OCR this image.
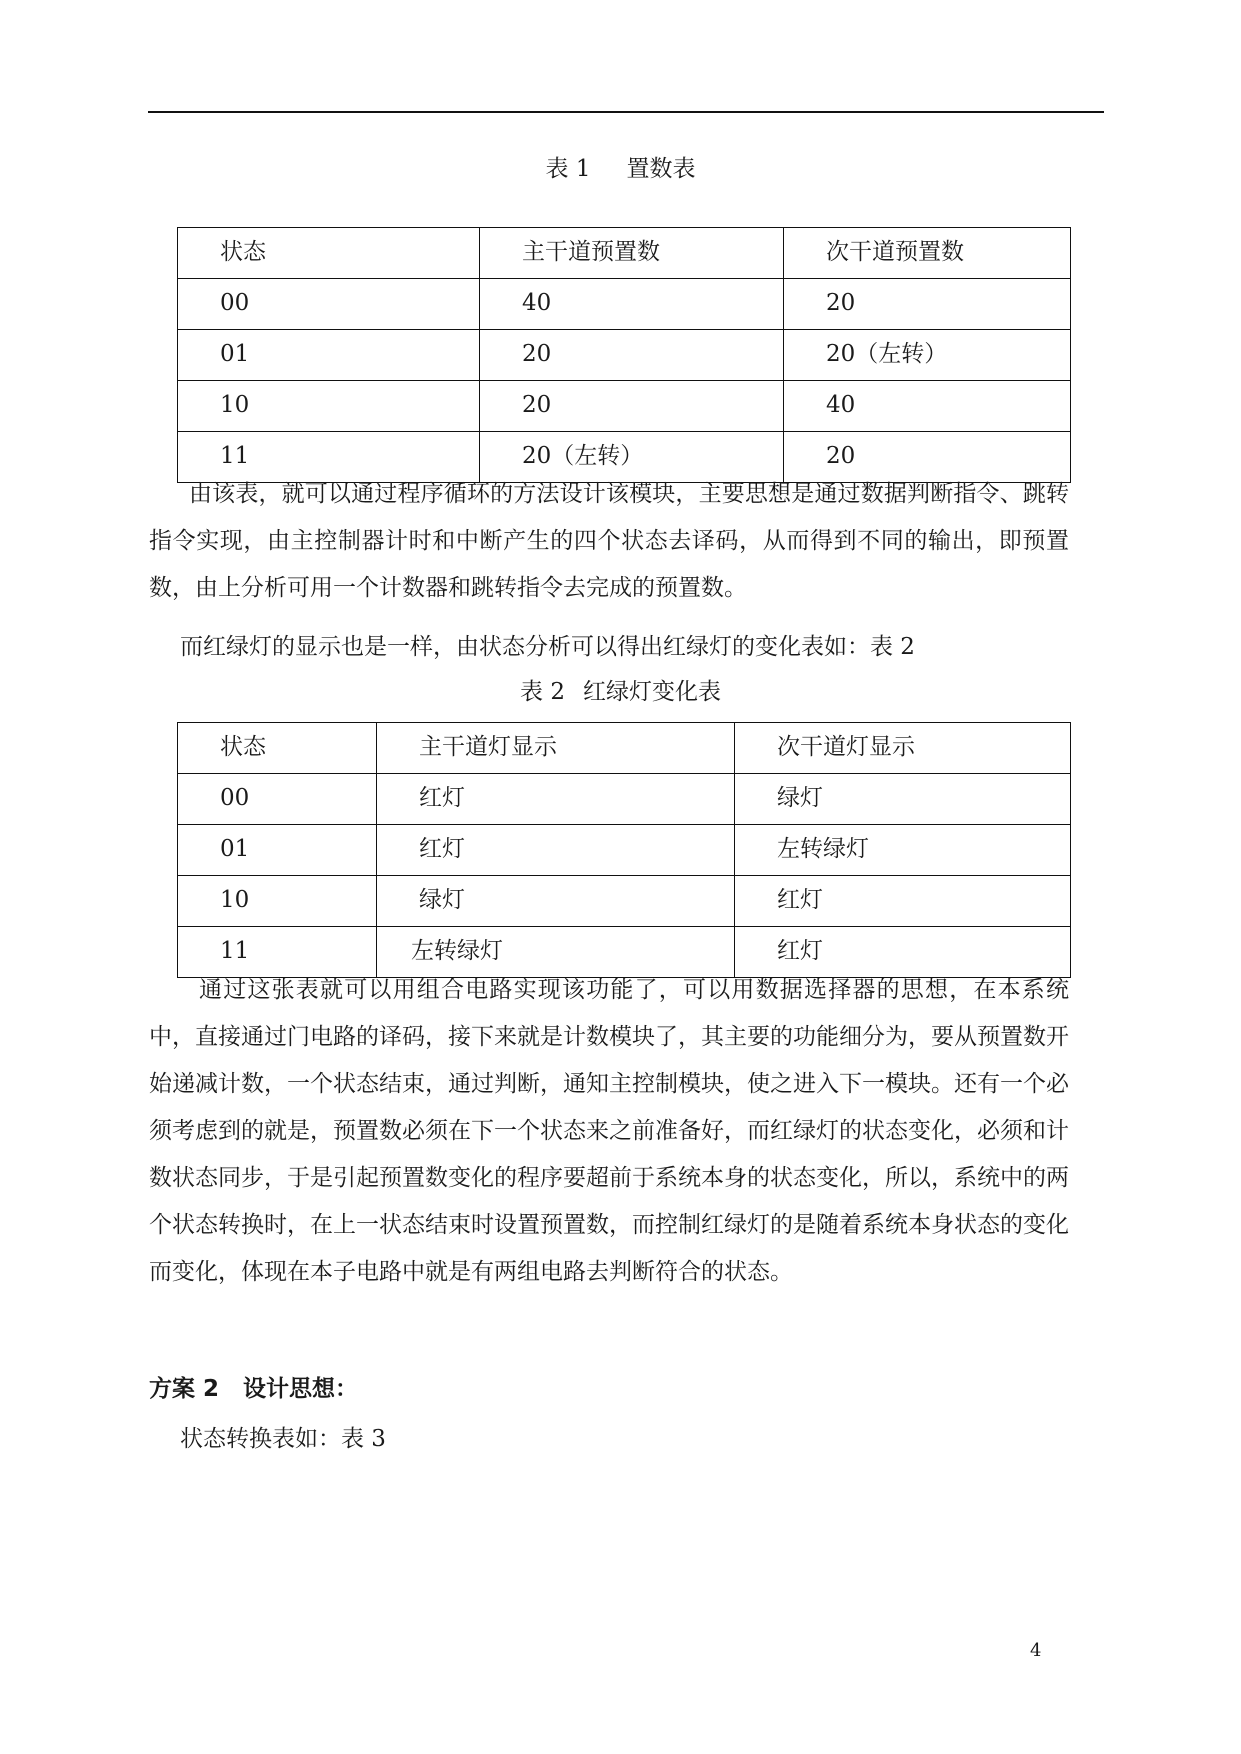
表 1 置数表
状态	主干道预置数	次干道预置数
00	40	20
01	20	20（左转）
10	20	40
11	20（左转）	20

由该表，就可以通过程序循环的方法设计该模块，主要思想是通过数据判断指令、跳转指令实现，由主控制器计时和中断产生的四个状态去译码，从而得到不同的输出，即预置数，由上分析可用一个计数器和跳转指令去完成的预置数。

而红绿灯的显示也是一样，由状态分析可以得出红绿灯的变化表如：表 2

表 2 红绿灯变化表
状态	主干道灯显示	次干道灯显示
00	红灯	绿灯
01	红灯	左转绿灯
10	绿灯	红灯
11	左转绿灯	红灯

通过这张表就可以用组合电路实现该功能了，可以用数据选择器的思想，在本系统中，直接通过门电路的译码，接下来就是计数模块了，其主要的功能细分为，要从预置数开始递减计数，一个状态结束，通过判断，通知主控制模块，使之进入下一模块。还有一个必须考虑到的就是，预置数必须在下一个状态来之前准备好，而红绿灯的状态变化，必须和计数状态同步，于是引起预置数变化的程序要超前于系统本身的状态变化，所以，系统中的两个状态转换时，在上一状态结束时设置预置数，而控制红绿灯的是随着系统本身状态的变化而变化，体现在本子电路中就是有两组电路去判断符合的状态。

方案 2 设计思想：

状态转换表如：表 3

4
